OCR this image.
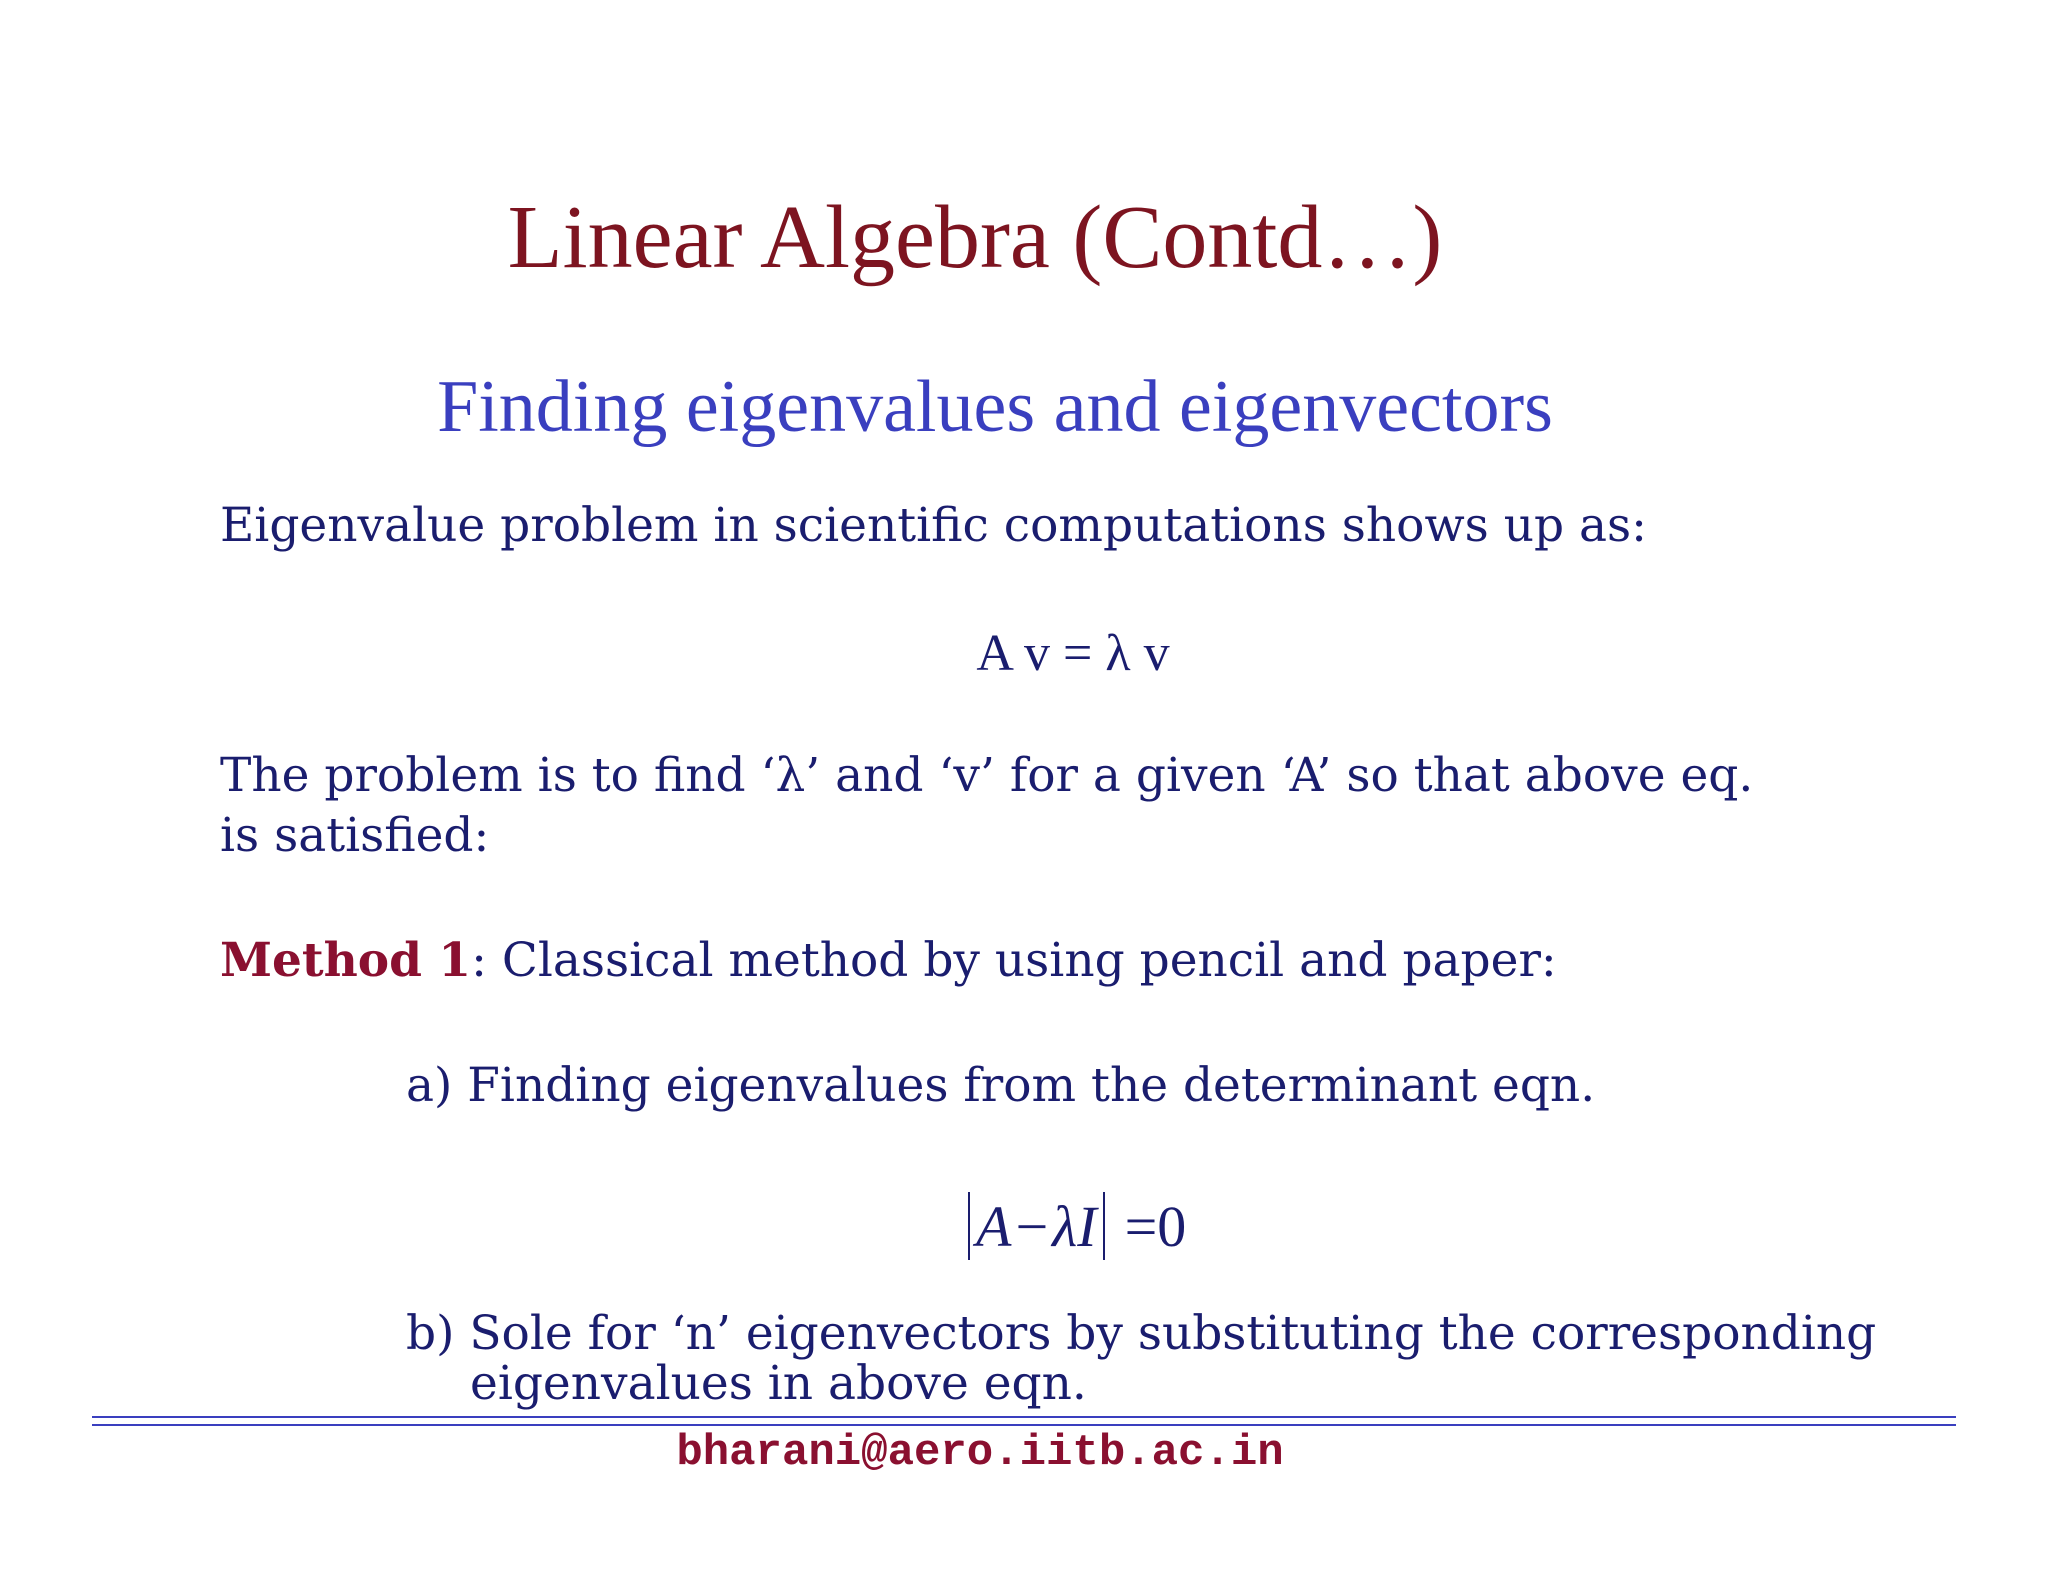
Linear Algebra (Contd…)
Finding eigenvalues and eigenvectors
Eigenvalue problem in scientific computations shows up as:
A v = λ v
The problem is to find ‘λ’ and ‘v’ for a given ‘A’ so that above eq.
is satisfied:
Method 1: Classical method by using pencil and paper:
a) Finding eigenvalues from the determinant eqn.
A − λI =0
b) Sole for ‘n’ eigenvectors by substituting the corresponding
eigenvalues in above eqn.
bharani@aero.iitb.ac.in
